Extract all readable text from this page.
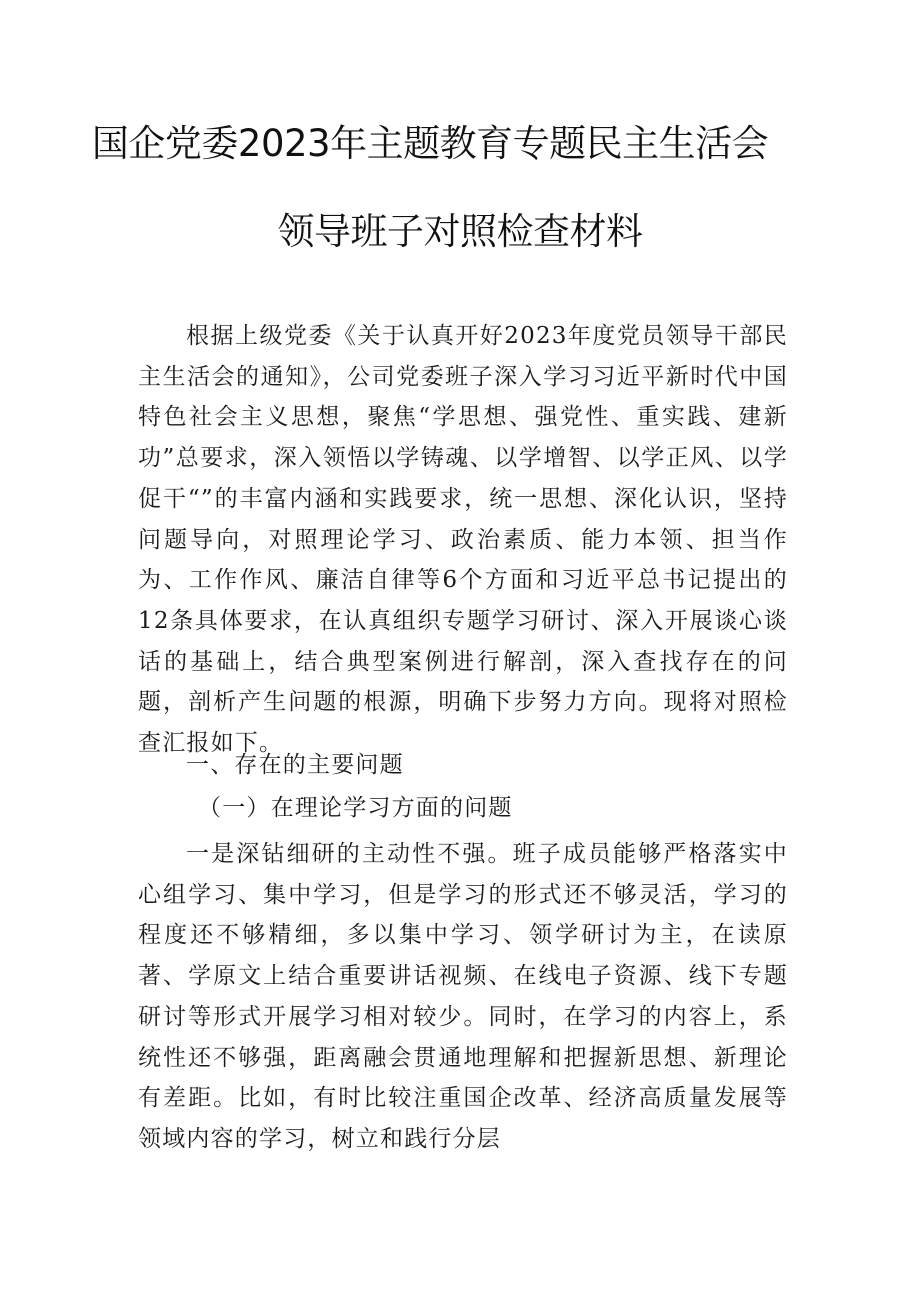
国企党委2023年主题教育专题民主生活会
领导班子对照检查材料
根据上级党委《关于认真开好2023年度党员领导干部民主生活会的通知》，公司党委班子深入学习习近平新时代中国特色社会主义思想，聚焦“学思想、强党性、重实践、建新功”总要求，深入领悟以学铸魂、以学增智、以学正风、以学促干“”的丰富内涵和实践要求，统一思想、深化认识，坚持问题导向，对照理论学习、政治素质、能力本领、担当作为、工作作风、廉洁自律等6个方面和习近平总书记提出的12条具体要求，在认真组织专题学习研讨、深入开展谈心谈话的基础上，结合典型案例进行解剖，深入查找存在的问题，剖析产生问题的根源，明确下步努力方向。现将对照检查汇报如下。
一、存在的主要问题
（一）在理论学习方面的问题
一是深钻细研的主动性不强。班子成员能够严格落实中心组学习、集中学习，但是学习的形式还不够灵活，学习的程度还不够精细，多以集中学习、领学研讨为主，在读原著、学原文上结合重要讲话视频、在线电子资源、线下专题研讨等形式开展学习相对较少。同时，在学习的内容上，系统性还不够强，距离融会贯通地理解和把握新思想、新理论有差距。比如，有时比较注重国企改革、经济高质量发展等领域内容的学习，树立和践行分层
